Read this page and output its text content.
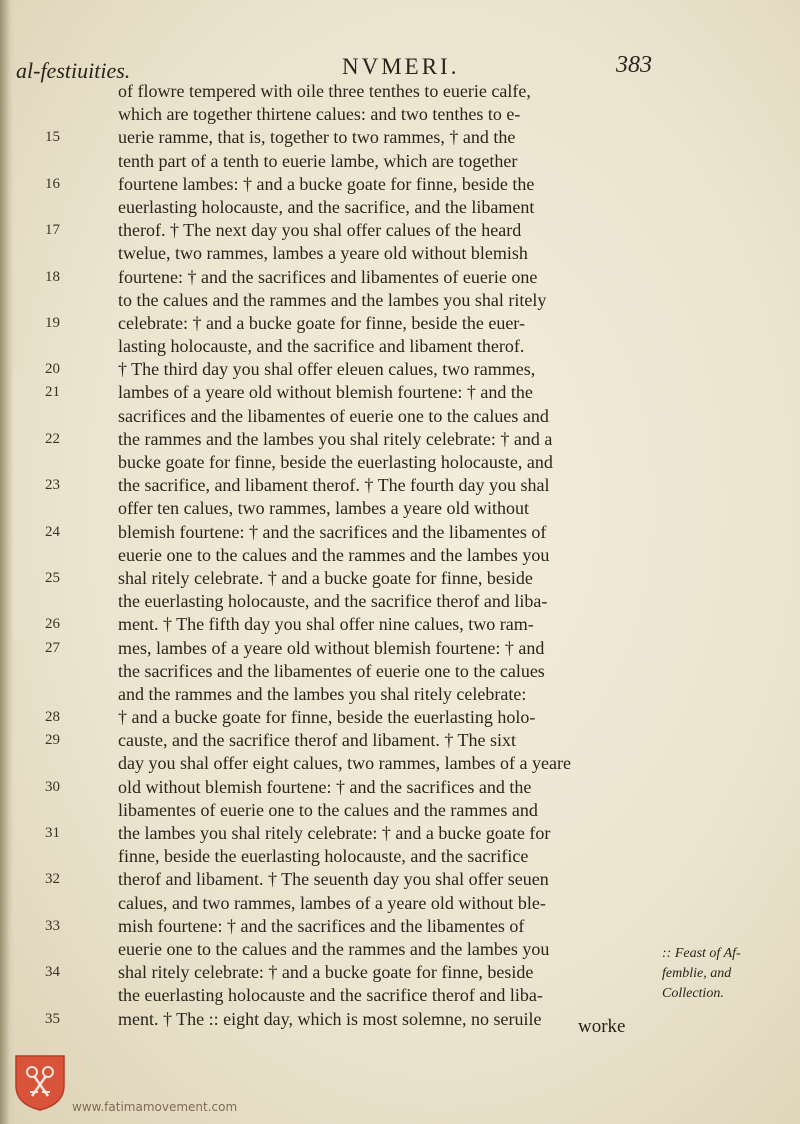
al-festiuities.	NVMERI.	383
of flowre tempered with oile three tenthes to euerie calfe,
which are together thirtene calues: and two tenthes to e-
15	uerie ramme, that is, together to two rammes, † and the
tenth part of a tenth to euerie lambe, which are together
16	fourtene lambes: † and a bucke goate for finne, beside the
euerlasting holocauste, and the sacrifice, and the libament
17	therof. † The next day you shal offer calues of the heard
twelue, two rammes, lambes a yeare old without blemish
18	fourtene: † and the sacrifices and libamentes of euerie one
to the calues and the rammes and the lambes you shal ritely
19	celebrate: † and a bucke goate for finne, beside the euer-
lasting holocauste, and the sacrifice and libament therof.
20	† The third day you shal offer eleuen calues, two rammes,
21	lambes of a yeare old without blemish fourtene: † and the
sacrifices and the libamentes of euerie one to the calues and
22	the rammes and the lambes you shal ritely celebrate: † and a
bucke goate for finne, beside the euerlasting holocauste, and
23	the sacrifice, and libament therof. † The fourth day you shal
offer ten calues, two rammes, lambes a yeare old without
24	blemish fourtene: † and the sacrifices and the libamentes of
euerie one to the calues and the rammes and the lambes you
25	shal ritely celebrate. † and a bucke goate for finne, beside
the euerlasting holocauste, and the sacrifice therof and liba-
26	ment. † The fifth day you shal offer nine calues, two ram-
27	mes, lambes of a yeare old without blemish fourtene: † and
the sacrifices and the libamentes of euerie one to the calues
and the rammes and the lambes you shal ritely celebrate:
28	† and a bucke goate for finne, beside the euerlasting holo-
29	causte, and the sacrifice therof and libament. † The sixt
day you shal offer eight calues, two rammes, lambes of a yeare
30	old without blemish fourtene: † and the sacrifices and the
libamentes of euerie one to the calues and the rammes and
31	the lambes you shal ritely celebrate: † and a bucke goate for
finne, beside the euerlasting holocauste, and the sacrifice
32	therof and libament. † The seuenth day you shal offer seuen
calues, and two rammes, lambes of a yeare old without ble-
33	mish fourtene: † and the sacrifices and the libamentes of
euerie one to the calues and the rammes and the lambes you
34	shal ritely celebrate: † and a bucke goate for finne, beside
the euerlasting holocauste and the sacrifice therof and liba-
35	ment. † The :: eight day, which is most solemne, no seruile
:: Feast of Af-
femblie, and
Collection.
worke
www.fatimamovement.com
